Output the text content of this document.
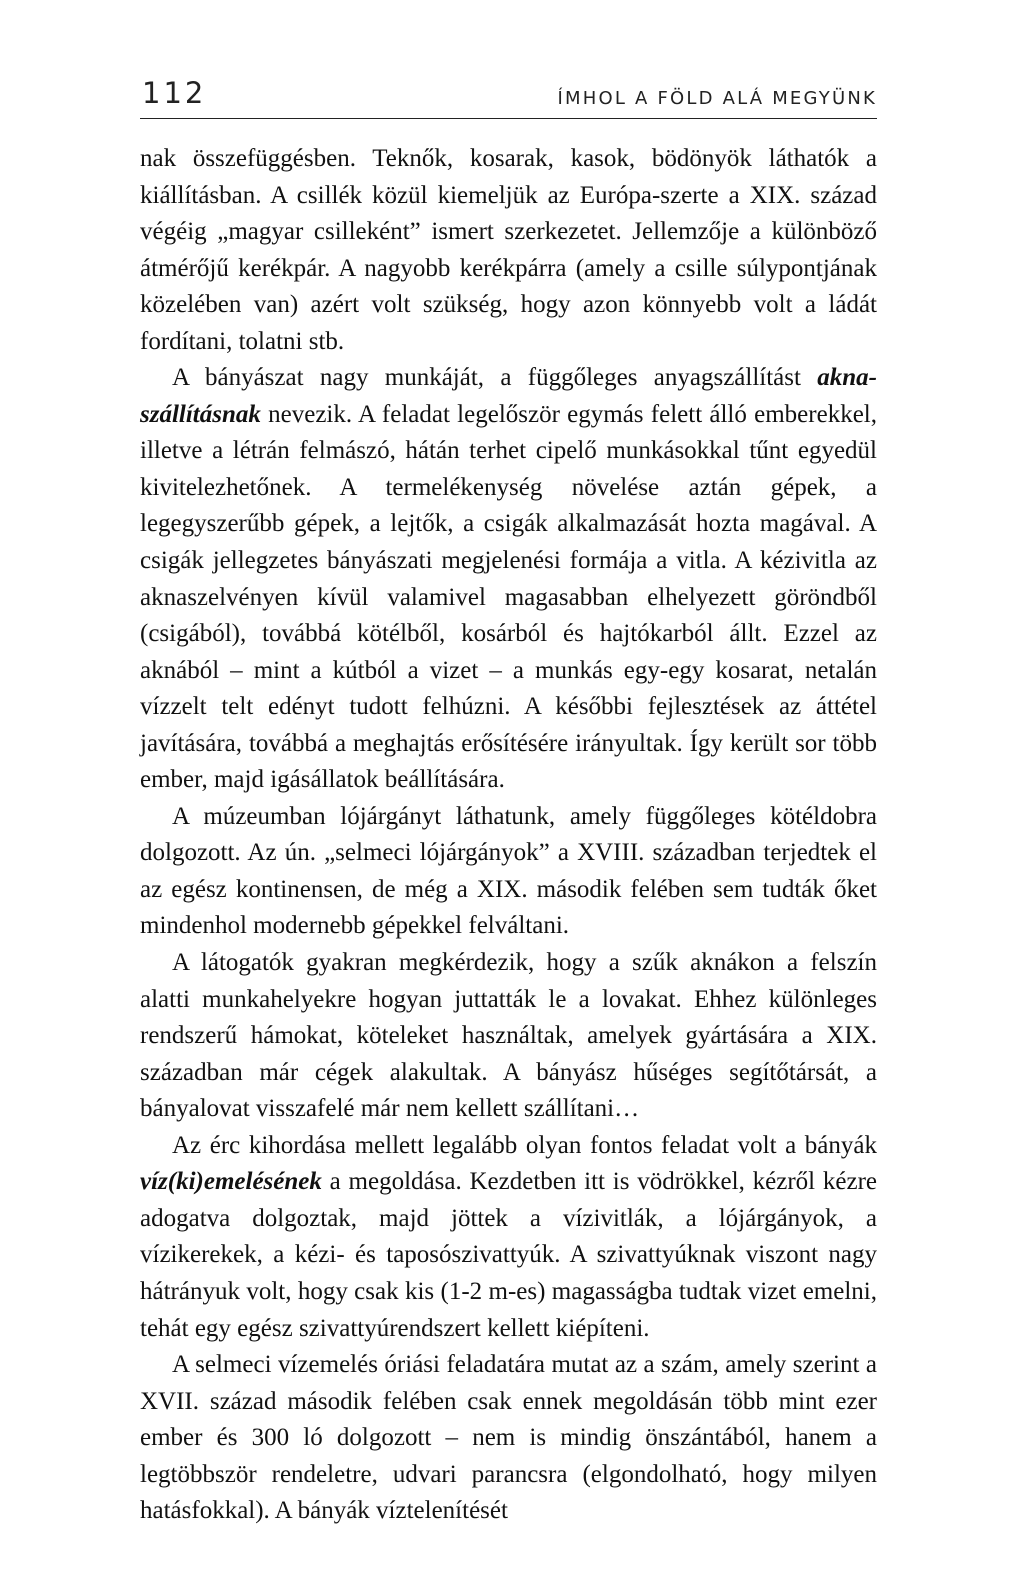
112	ÍMHOL A FÖLD ALÁ MEGYÜNK

nak összefüggésben. Teknők, kosarak, kasok, bödönyök láthatók a kiállításban. A csillék közül kiemeljük az Európa-szerte a XIX. század végéig „magyar csilleként” ismert szerkezetet. Jellemzője a különböző átmérőjű kerékpár. A nagyobb kerékpárra (amely a csille súlypontjának közelében van) azért volt szükség, hogy azon könnyebb volt a ládát fordítani, tolatni stb.

A bányászat nagy munkáját, a függőleges anyagszállítást aknaszállításnak nevezik. A feladat legelőször egymás felett álló emberekkel, illetve a létrán felmászó, hátán terhet cipelő munkásokkal tűnt egyedül kivitelezhetőnek. A termelékenység növelése aztán gépek, a legegyszerűbb gépek, a lejtők, a csigák alkalmazását hozta magával. A csigák jellegzetes bányászati megjelenési formája a vitla. A kézivitla az aknaszelvényen kívül valamivel magasabban elhelyezett göröndből (csigából), továbbá kötélből, kosárból és hajtókarból állt. Ezzel az aknából – mint a kútból a vizet – a munkás egy-egy kosarat, netalán vízzelt telt edényt tudott felhúzni. A későbbi fejlesztések az áttétel javítására, továbbá a meghajtás erősítésére irányultak. Így került sor több ember, majd igásállatok beállítására.

A múzeumban lójárgányt láthatunk, amely függőleges kötéldobra dolgozott. Az ún. „selmeci lójárgányok” a XVIII. században terjedtek el az egész kontinensen, de még a XIX. második felében sem tudták őket mindenhol modernebb gépekkel felváltani.

A látogatók gyakran megkérdezik, hogy a szűk aknákon a felszín alatti munkahelyekre hogyan juttatták le a lovakat. Ehhez különleges rendszerű hámokat, köteleket használtak, amelyek gyártására a XIX. században már cégek alakultak. A bányász hűséges segítőtársát, a bányalovat visszafelé már nem kellett szállítani…

Az érc kihordása mellett legalább olyan fontos feladat volt a bányák víz(ki)emelésének a megoldása. Kezdetben itt is vödrökkel, kézről kézre adogatva dolgoztak, majd jöttek a vízivitlák, a lójárgányok, a vízikerekek, a kézi- és taposószivattyúk. A szivattyúknak viszont nagy hátrányuk volt, hogy csak kis (1-2 m-es) magasságba tudtak vizet emelni, tehát egy egész szivattyúrendszert kellett kiépíteni.

A selmeci vízemelés óriási feladatára mutat az a szám, amely szerint a XVII. század második felében csak ennek megoldásán több mint ezer ember és 300 ló dolgozott – nem is mindig önszántából, hanem a legtöbbször rendeletre, udvari parancsra (elgondolható, hogy milyen hatásfokkal). A bányák víztelenítését
